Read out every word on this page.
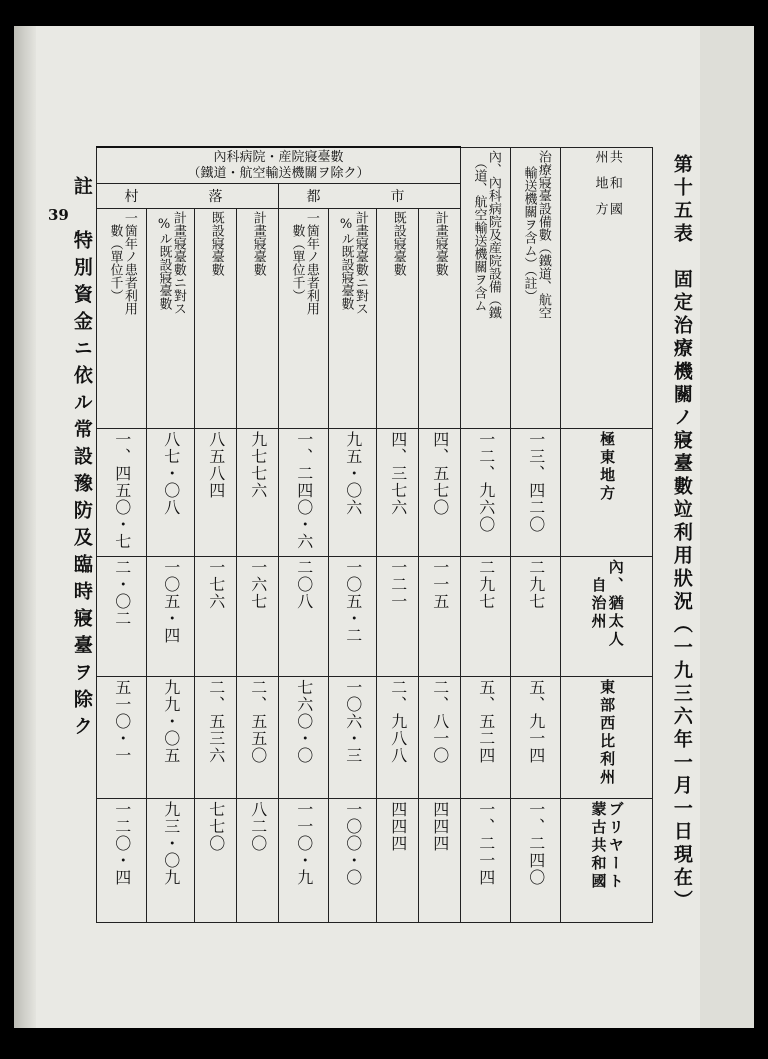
第十五表　固定治療機關ノ寢臺數竝利用狀況（一九三六年一月一日現在）
註　特別資金ニ依ル常設豫防及臨時寢臺ヲ除ク
39
共　和　國
州　地　方	治療寢臺設備數（鐵道、航空
輸送機關ヲ含ム）（註）	內、內科病院及産院設備（鐵
道、航空輸送機關ヲ含ム）	內科病院・産院寢臺數
（鐵道・航空輸送機關ヲ除ク）							

			都　市				村　落			
			計畫寢臺數	既設寢臺數	計畫寢臺數ニ對ス
ル既設寢臺數%	一箇年ノ患者利用
數（單位千）	計畫寢臺數	既設寢臺數	計畫寢臺數ニ對ス
ル既設寢臺數%	一箇年ノ患者利用
數（單位千）
極東地方	一三、四二〇	一二、九六〇	四、五七〇	四、三七六	九五・〇六	一、二四〇・六	九七七六	八五八四	八七・〇八	一、四五〇・七
內、猶太人
自治州	二九七	二九七	一一五	一二一	一〇五・二	二〇八	一六七	一七六	一〇五・四	二・〇二
東部西比利州	五、九一四	五、五二四	二、八一〇	二、九八八	一〇六・三	七六〇・〇	二、五五〇	二、五三六	九九・〇五	五一〇・一
ブリヤート
蒙古共和國	一、二四〇	一、二一四	四四四	四四四	一〇〇・〇	一一〇・九	八二〇	七七〇	九三・〇九	一二〇・四
